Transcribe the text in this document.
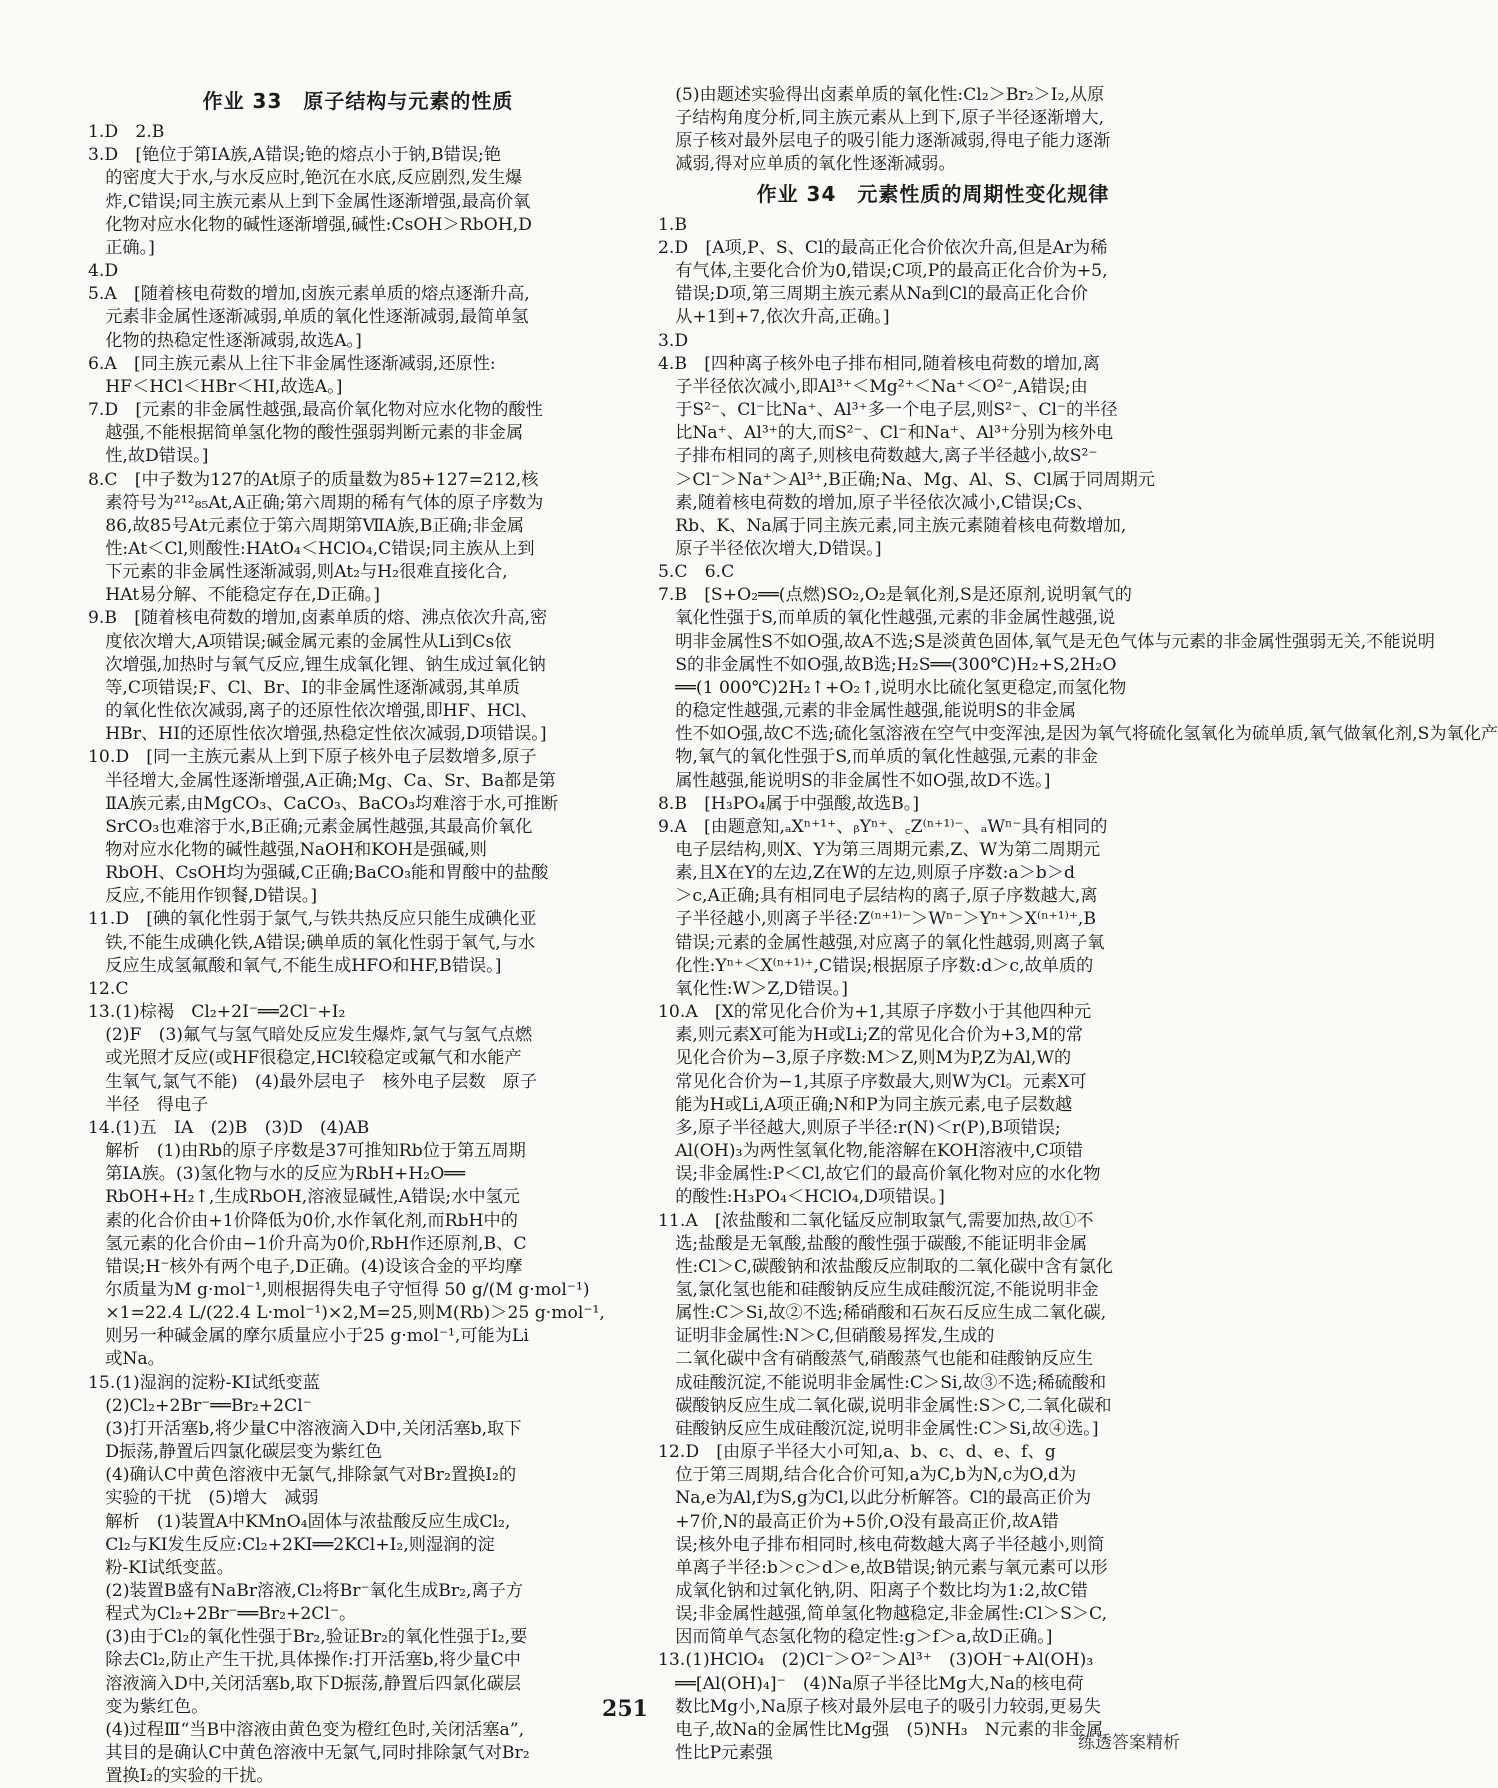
作业 33　原子结构与元素的性质
1.D　2.B
3.D　[铯位于第ⅠA族,A错误;铯的熔点小于钠,B错误;铯
　的密度大于水,与水反应时,铯沉在水底,反应剧烈,发生爆
　炸,C错误;同主族元素从上到下金属性逐渐增强,最高价氧
　化物对应水化物的碱性逐渐增强,碱性:CsOH＞RbOH,D
　正确。]
4.D
5.A　[随着核电荷数的增加,卤族元素单质的熔点逐渐升高,
　元素非金属性逐渐减弱,单质的氧化性逐渐减弱,最简单氢
　化物的热稳定性逐渐减弱,故选A。]
6.A　[同主族元素从上往下非金属性逐渐减弱,还原性:
　HF＜HCl＜HBr＜HI,故选A。]
7.D　[元素的非金属性越强,最高价氧化物对应水化物的酸性
　越强,不能根据简单氢化物的酸性强弱判断元素的非金属
　性,故D错误。]
8.C　[中子数为127的At原子的质量数为85+127=212,核
　素符号为²¹²₈₅At,A正确;第六周期的稀有气体的原子序数为
　86,故85号At元素位于第六周期第ⅦA族,B正确;非金属
　性:At＜Cl,则酸性:HAtO₄＜HClO₄,C错误;同主族从上到
　下元素的非金属性逐渐减弱,则At₂与H₂很难直接化合,
　HAt易分解、不能稳定存在,D正确。]
9.B　[随着核电荷数的增加,卤素单质的熔、沸点依次升高,密
　度依次增大,A项错误;碱金属元素的金属性从Li到Cs依
　次增强,加热时与氧气反应,锂生成氧化锂、钠生成过氧化钠
　等,C项错误;F、Cl、Br、I的非金属性逐渐减弱,其单质
　的氧化性依次减弱,离子的还原性依次增强,即HF、HCl、
　HBr、HI的还原性依次增强,热稳定性依次减弱,D项错误。]
10.D　[同一主族元素从上到下原子核外电子层数增多,原子
　半径增大,金属性逐渐增强,A正确;Mg、Ca、Sr、Ba都是第
　ⅡA族元素,由MgCO₃、CaCO₃、BaCO₃均难溶于水,可推断
　SrCO₃也难溶于水,B正确;元素金属性越强,其最高价氧化
　物对应水化物的碱性越强,NaOH和KOH是强碱,则
　RbOH、CsOH均为强碱,C正确;BaCO₃能和胃酸中的盐酸
　反应,不能用作钡餐,D错误。]
11.D　[碘的氧化性弱于氯气,与铁共热反应只能生成碘化亚
　铁,不能生成碘化铁,A错误;碘单质的氧化性弱于氧气,与水
　反应生成氢氟酸和氧气,不能生成HFO和HF,B错误。]
12.C
13.(1)棕褐　Cl₂+2I⁻══2Cl⁻+I₂
　(2)F　(3)氟气与氢气暗处反应发生爆炸,氯气与氢气点燃
　或光照才反应(或HF很稳定,HCl较稳定或氟气和水能产
　生氧气,氯气不能)　(4)最外层电子　核外电子层数　原子
　半径　得电子
14.(1)五　ⅠA　(2)B　(3)D　(4)AB
　解析　(1)由Rb的原子序数是37可推知Rb位于第五周期
　第ⅠA族。(3)氢化物与水的反应为RbH+H₂O══
　RbOH+H₂↑,生成RbOH,溶液显碱性,A错误;水中氢元
　素的化合价由+1价降低为0价,水作氧化剂,而RbH中的
　氢元素的化合价由−1价升高为0价,RbH作还原剂,B、C
　错误;H⁻核外有两个电子,D正确。(4)设该合金的平均摩
　尔质量为M g·mol⁻¹,则根据得失电子守恒得 50 g/(M g·mol⁻¹)
　×1=22.4 L/(22.4 L·mol⁻¹)×2,M=25,则M(Rb)＞25 g·mol⁻¹,
　则另一种碱金属的摩尔质量应小于25 g·mol⁻¹,可能为Li
　或Na。
15.(1)湿润的淀粉-KI试纸变蓝
　(2)Cl₂+2Br⁻══Br₂+2Cl⁻
　(3)打开活塞b,将少量C中溶液滴入D中,关闭活塞b,取下
　D振荡,静置后四氯化碳层变为紫红色
　(4)确认C中黄色溶液中无氯气,排除氯气对Br₂置换I₂的
　实验的干扰　(5)增大　减弱
　解析　(1)装置A中KMnO₄固体与浓盐酸反应生成Cl₂,
　Cl₂与KI发生反应:Cl₂+2KI══2KCl+I₂,则湿润的淀
　粉-KI试纸变蓝。
　(2)装置B盛有NaBr溶液,Cl₂将Br⁻氧化生成Br₂,离子方
　程式为Cl₂+2Br⁻══Br₂+2Cl⁻。
　(3)由于Cl₂的氧化性强于Br₂,验证Br₂的氧化性强于I₂,要
　除去Cl₂,防止产生干扰,具体操作:打开活塞b,将少量C中
　溶液滴入D中,关闭活塞b,取下D振荡,静置后四氯化碳层
　变为紫红色。
　(4)过程Ⅲ“当B中溶液由黄色变为橙红色时,关闭活塞a”,
　其目的是确认C中黄色溶液中无氯气,同时排除氯气对Br₂
　置换I₂的实验的干扰。
　(5)由题述实验得出卤素单质的氧化性:Cl₂＞Br₂＞I₂,从原
　子结构角度分析,同主族元素从上到下,原子半径逐渐增大,
　原子核对最外层电子的吸引能力逐渐减弱,得电子能力逐渐
　减弱,得对应单质的氧化性逐渐减弱。
作业 34　元素性质的周期性变化规律
1.B
2.D　[A项,P、S、Cl的最高正化合价依次升高,但是Ar为稀
　有气体,主要化合价为0,错误;C项,P的最高正化合价为+5,
　错误;D项,第三周期主族元素从Na到Cl的最高正化合价
　从+1到+7,依次升高,正确。]
3.D
4.B　[四种离子核外电子排布相同,随着核电荷数的增加,离
　子半径依次减小,即Al³⁺＜Mg²⁺＜Na⁺＜O²⁻,A错误;由
　于S²⁻、Cl⁻比Na⁺、Al³⁺多一个电子层,则S²⁻、Cl⁻的半径
　比Na⁺、Al³⁺的大,而S²⁻、Cl⁻和Na⁺、Al³⁺分别为核外电
　子排布相同的离子,则核电荷数越大,离子半径越小,故S²⁻
　＞Cl⁻＞Na⁺＞Al³⁺,B正确;Na、Mg、Al、S、Cl属于同周期元
　素,随着核电荷数的增加,原子半径依次减小,C错误;Cs、
　Rb、K、Na属于同主族元素,同主族元素随着核电荷数增加,
　原子半径依次增大,D错误。]
5.C　6.C
7.B　[S+O₂══(点燃)SO₂,O₂是氧化剂,S是还原剂,说明氧气的
　氧化性强于S,而单质的氧化性越强,元素的非金属性越强,说
　明非金属性S不如O强,故A不选;S是淡黄色固体,氧气是无色气体与元素的非金属性强弱无关,不能说明
　S的非金属性不如O强,故B选;H₂S══(300℃)H₂+S,2H₂O
　══(1 000℃)2H₂↑+O₂↑,说明水比硫化氢更稳定,而氢化物
　的稳定性越强,元素的非金属性越强,能说明S的非金属
　性不如O强,故C不选;硫化氢溶液在空气中变浑浊,是因为氧气将硫化氢氧化为硫单质,氧气做氧化剂,S为氧化产
　物,氧气的氧化性强于S,而单质的氧化性越强,元素的非金
　属性越强,能说明S的非金属性不如O强,故D不选。]
8.B　[H₃PO₄属于中强酸,故选B。]
9.A　[由题意知,ₐXⁿ⁺¹⁺、ᵦYⁿ⁺、꜀Z⁽ⁿ⁺¹⁾⁻、ₐWⁿ⁻具有相同的
　电子层结构,则X、Y为第三周期元素,Z、W为第二周期元
　素,且X在Y的左边,Z在W的左边,则原子序数:a＞b＞d
　＞c,A正确;具有相同电子层结构的离子,原子序数越大,离
　子半径越小,则离子半径:Z⁽ⁿ⁺¹⁾⁻＞Wⁿ⁻＞Yⁿ⁺＞X⁽ⁿ⁺¹⁾⁺,B
　错误;元素的金属性越强,对应离子的氧化性越弱,则离子氧
　化性:Yⁿ⁺＜X⁽ⁿ⁺¹⁾⁺,C错误;根据原子序数:d＞c,故单质的
　氧化性:W＞Z,D错误。]
10.A　[X的常见化合价为+1,其原子序数小于其他四种元
　素,则元素X可能为H或Li;Z的常见化合价为+3,M的常
　见化合价为−3,原子序数:M＞Z,则M为P,Z为Al,W的
　常见化合价为−1,其原子序数最大,则W为Cl。元素X可
　能为H或Li,A项正确;N和P为同主族元素,电子层数越
　多,原子半径越大,则原子半径:r(N)＜r(P),B项错误;
　Al(OH)₃为两性氢氧化物,能溶解在KOH溶液中,C项错
　误;非金属性:P＜Cl,故它们的最高价氧化物对应的水化物
　的酸性:H₃PO₄＜HClO₄,D项错误。]
11.A　[浓盐酸和二氧化锰反应制取氯气,需要加热,故①不
　选;盐酸是无氧酸,盐酸的酸性强于碳酸,不能证明非金属
　性:Cl＞C,碳酸钠和浓盐酸反应制取的二氧化碳中含有氯化
　氢,氯化氢也能和硅酸钠反应生成硅酸沉淀,不能说明非金
　属性:C＞Si,故②不选;稀硝酸和石灰石反应生成二氧化碳,
　证明非金属性:N＞C,但硝酸易挥发,生成的
　二氧化碳中含有硝酸蒸气,硝酸蒸气也能和硅酸钠反应生
　成硅酸沉淀,不能说明非金属性:C＞Si,故③不选;稀硫酸和
　碳酸钠反应生成二氧化碳,说明非金属性:S＞C,二氧化碳和
　硅酸钠反应生成硅酸沉淀,说明非金属性:C＞Si,故④选。]
12.D　[由原子半径大小可知,a、b、c、d、e、f、g
　位于第三周期,结合化合价可知,a为C,b为N,c为O,d为
　Na,e为Al,f为S,g为Cl,以此分析解答。Cl的最高正价为
　+7价,N的最高正价为+5价,O没有最高正价,故A错
　误;核外电子排布相同时,核电荷数越大离子半径越小,则简
　单离子半径:b＞c＞d＞e,故B错误;钠元素与氧元素可以形
　成氧化钠和过氧化钠,阴、阳离子个数比均为1:2,故C错
　误;非金属性越强,简单氢化物越稳定,非金属性:Cl＞S＞C,
　因而简单气态氢化物的稳定性:g＞f＞a,故D正确。]
13.(1)HClO₄　(2)Cl⁻＞O²⁻＞Al³⁺　(3)OH⁻+Al(OH)₃
　══[Al(OH)₄]⁻　(4)Na原子半径比Mg大,Na的核电荷
　数比Mg小,Na原子核对最外层电子的吸引力较弱,更易失
　电子,故Na的金属性比Mg强　(5)NH₃　N元素的非金属
　性比P元素强
251
练透答案精析
